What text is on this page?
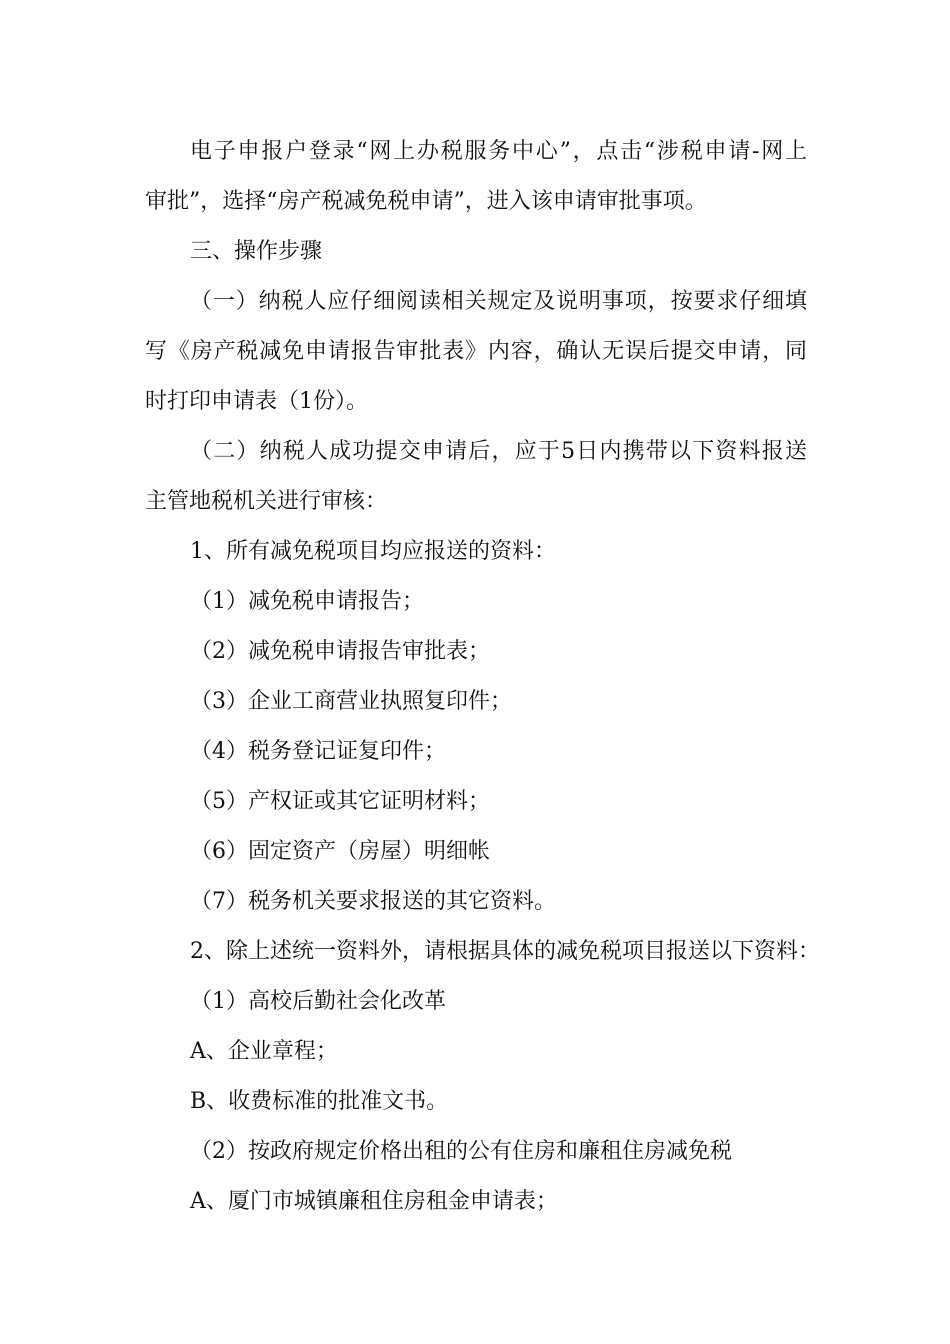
电子申报户登录“网上办税服务中心”，点击“涉税申请-网上
审批”，选择“房产税减免税申请”，进入该申请审批事项。
三、操作步骤
（一）纳税人应仔细阅读相关规定及说明事项，按要求仔细填
写《房产税减免申请报告审批表》内容，确认无误后提交申请，同
时打印申请表（1份）。
（二）纳税人成功提交申请后，应于5日内携带以下资料报送
主管地税机关进行审核：
1、所有减免税项目均应报送的资料：
（1）减免税申请报告；
（2）减免税申请报告审批表；
（3）企业工商营业执照复印件；
（4）税务登记证复印件；
（5）产权证或其它证明材料；
（6）固定资产（房屋）明细帐
（7）税务机关要求报送的其它资料。
2、除上述统一资料外，请根据具体的减免税项目报送以下资料：
（1）高校后勤社会化改革
A、企业章程；
B、收费标准的批准文书。
（2）按政府规定价格出租的公有住房和廉租住房减免税
A、厦门市城镇廉租住房租金申请表；
